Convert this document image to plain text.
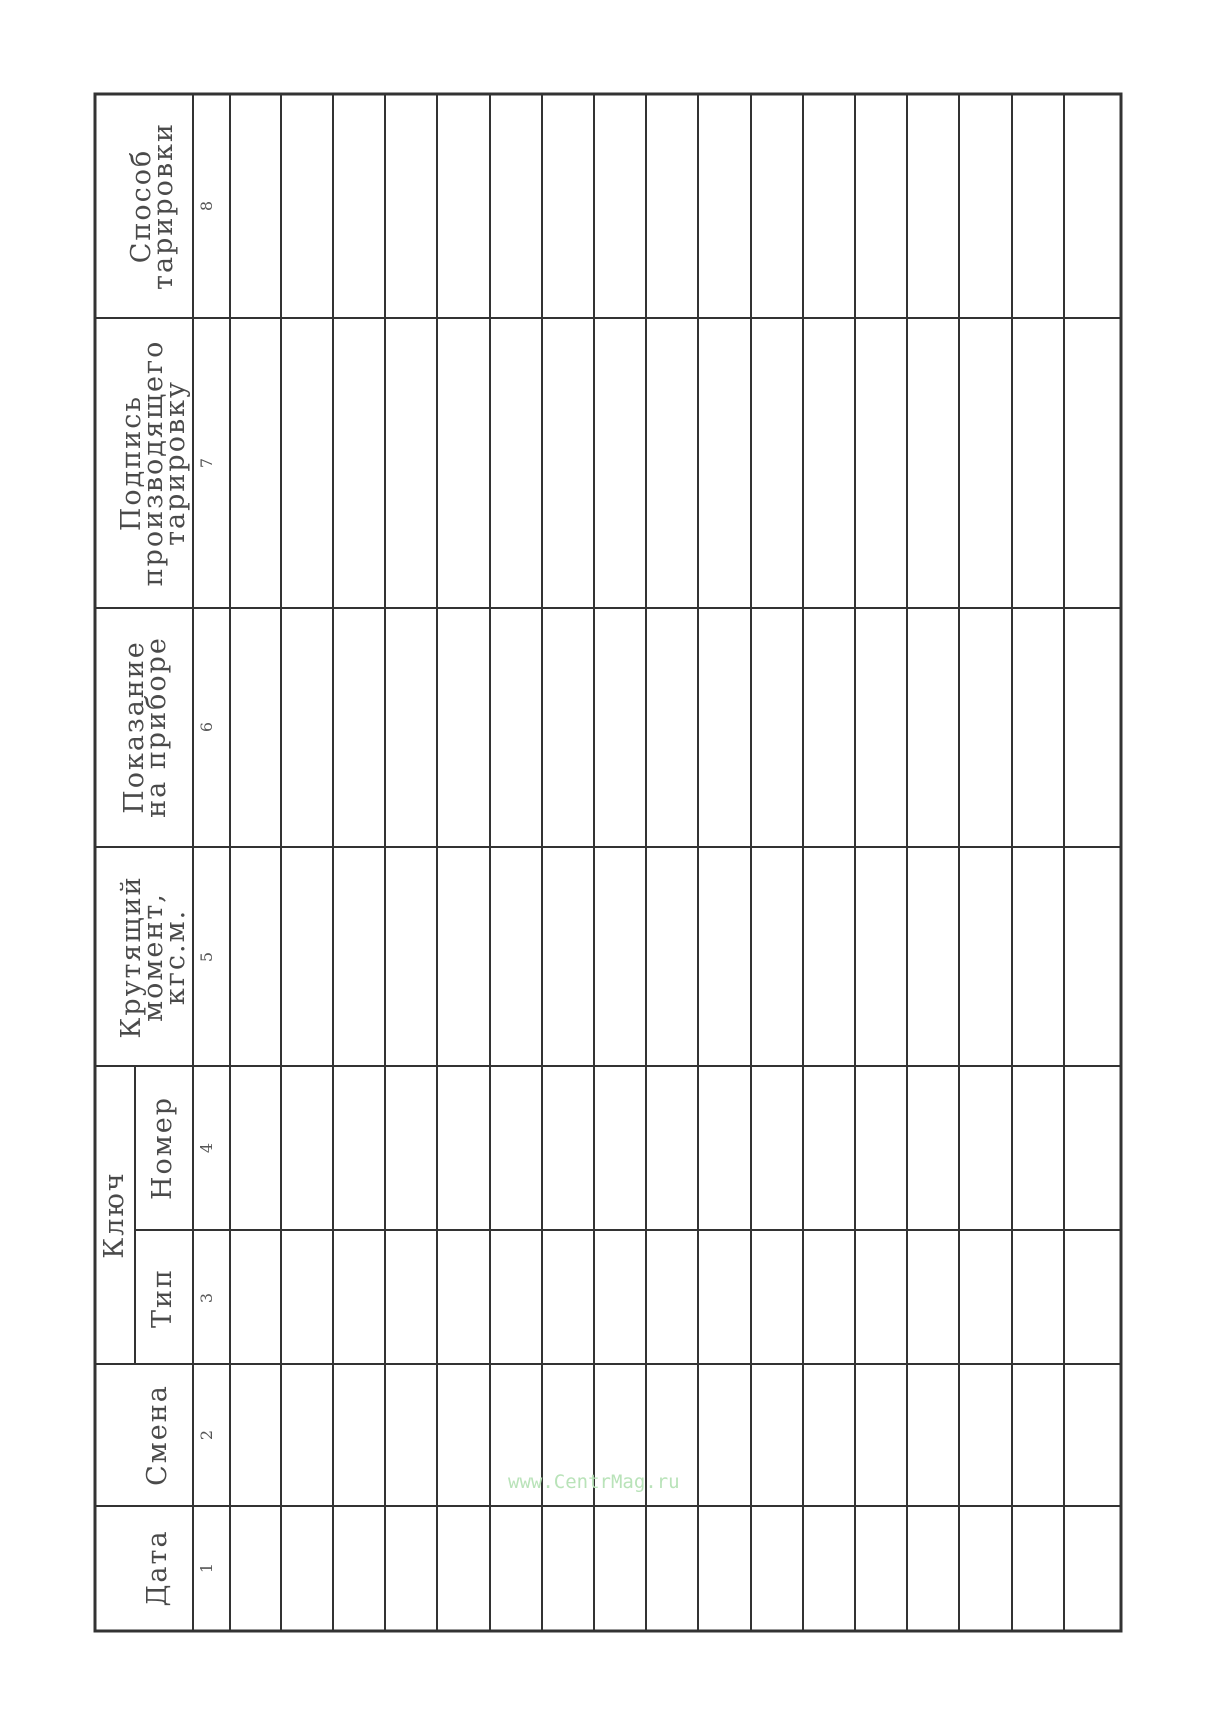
Дата
Смена
Ключ
Тип
Номер
Крутящий
момент,
кгс.м.
Показание
на приборе
Подпись
производящего
тарировку
Способ
тарировки
1
2
3
4
5
6
7
8
www.CentrMag.ru
